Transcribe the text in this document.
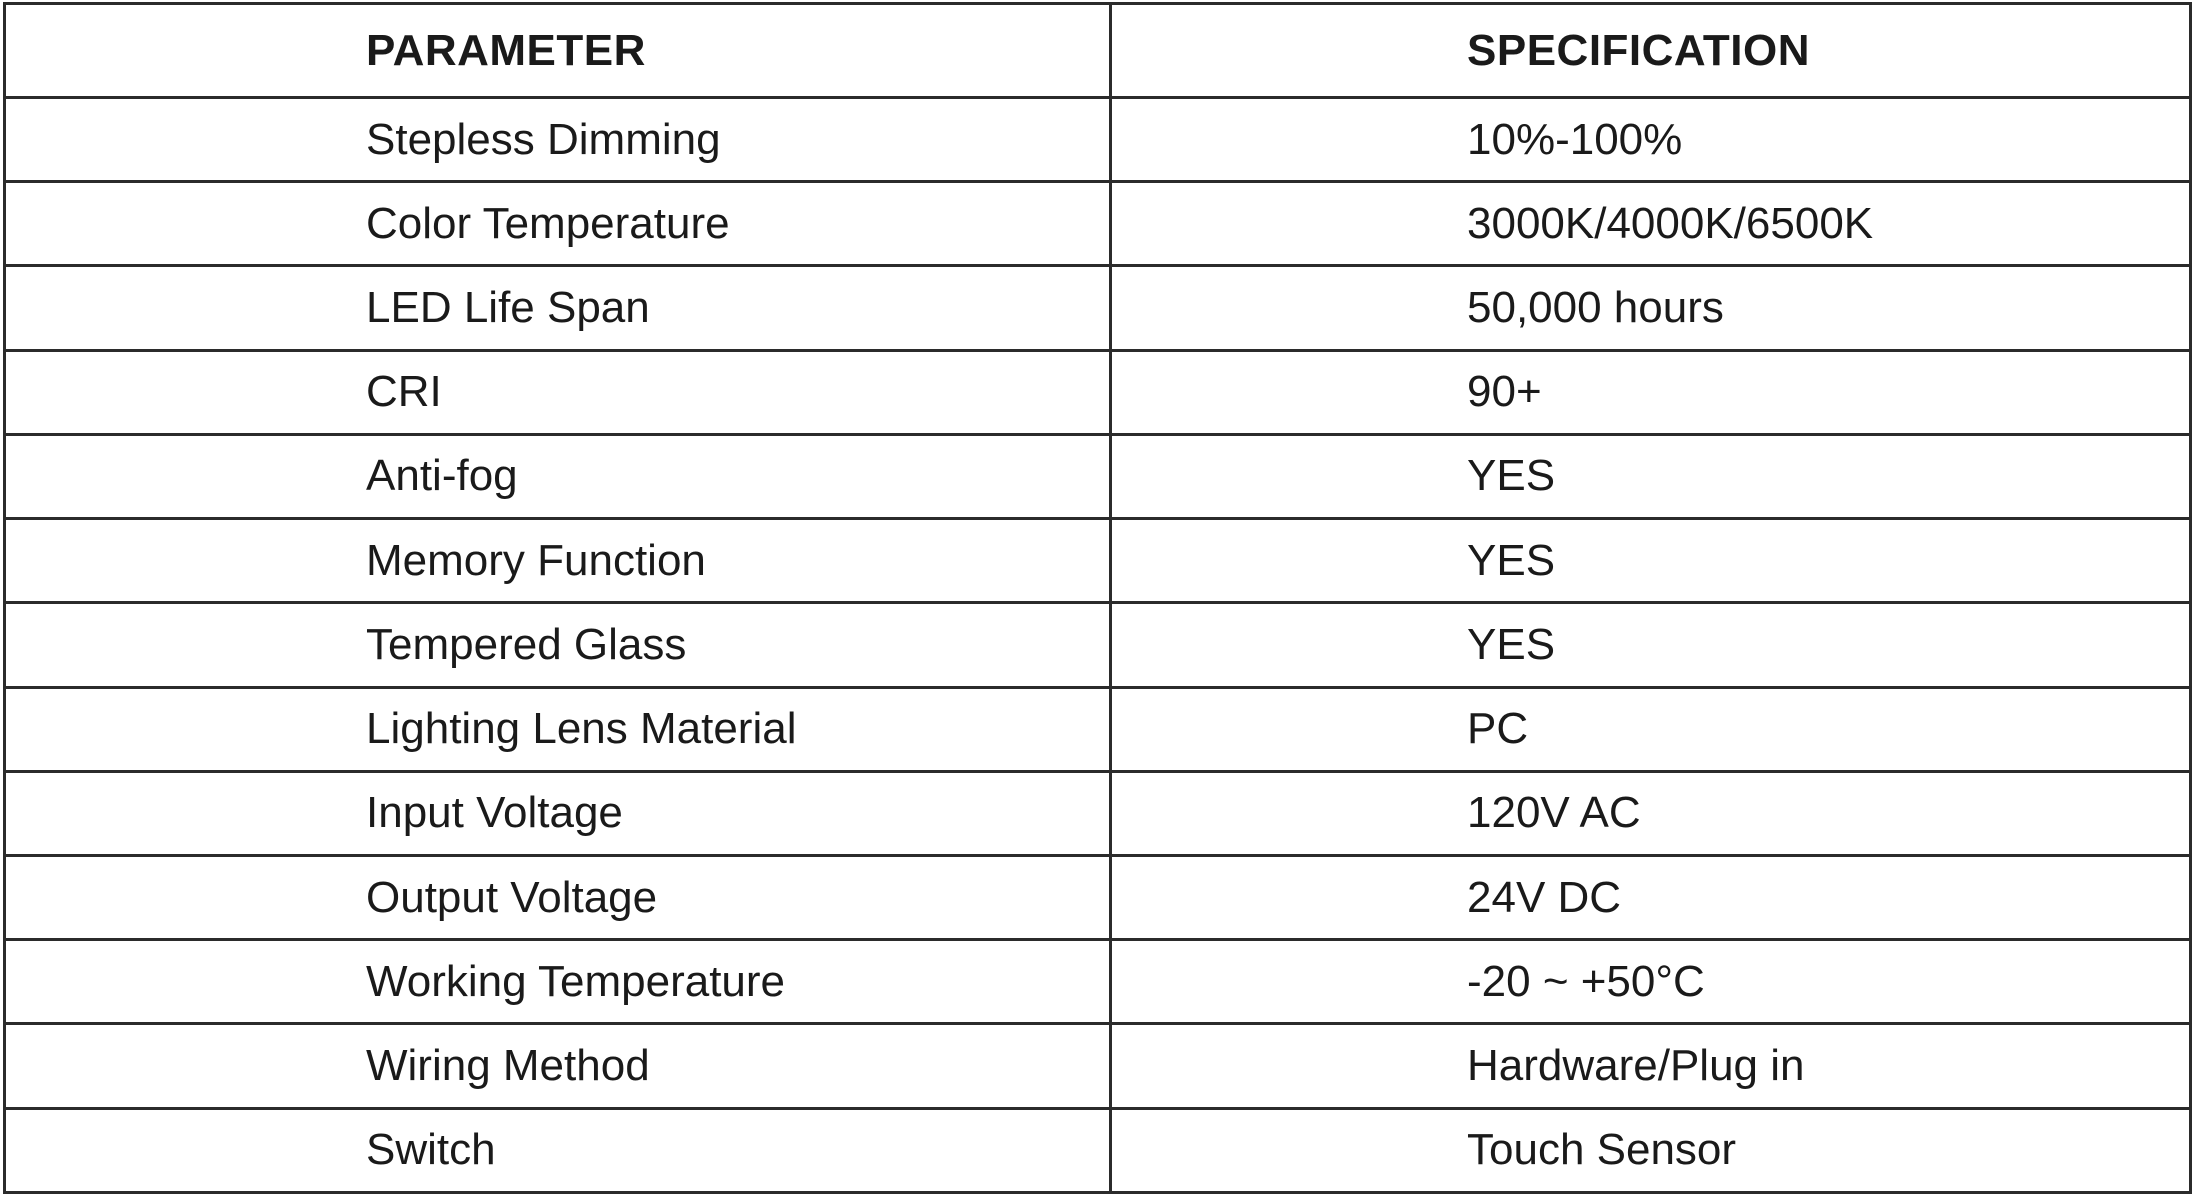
PARAMETER	SPECIFICATION
Stepless Dimming	10%-100%
Color Temperature	3000K/4000K/6500K
LED Life Span	50,000 hours
CRI	90+
Anti-fog	YES
Memory Function	YES
Tempered Glass	YES
Lighting Lens Material	PC
Input Voltage	120V AC
Output Voltage	24V DC
Working Temperature	-20 ~ +50°C
Wiring Method	Hardware/Plug in
Switch	Touch Sensor
